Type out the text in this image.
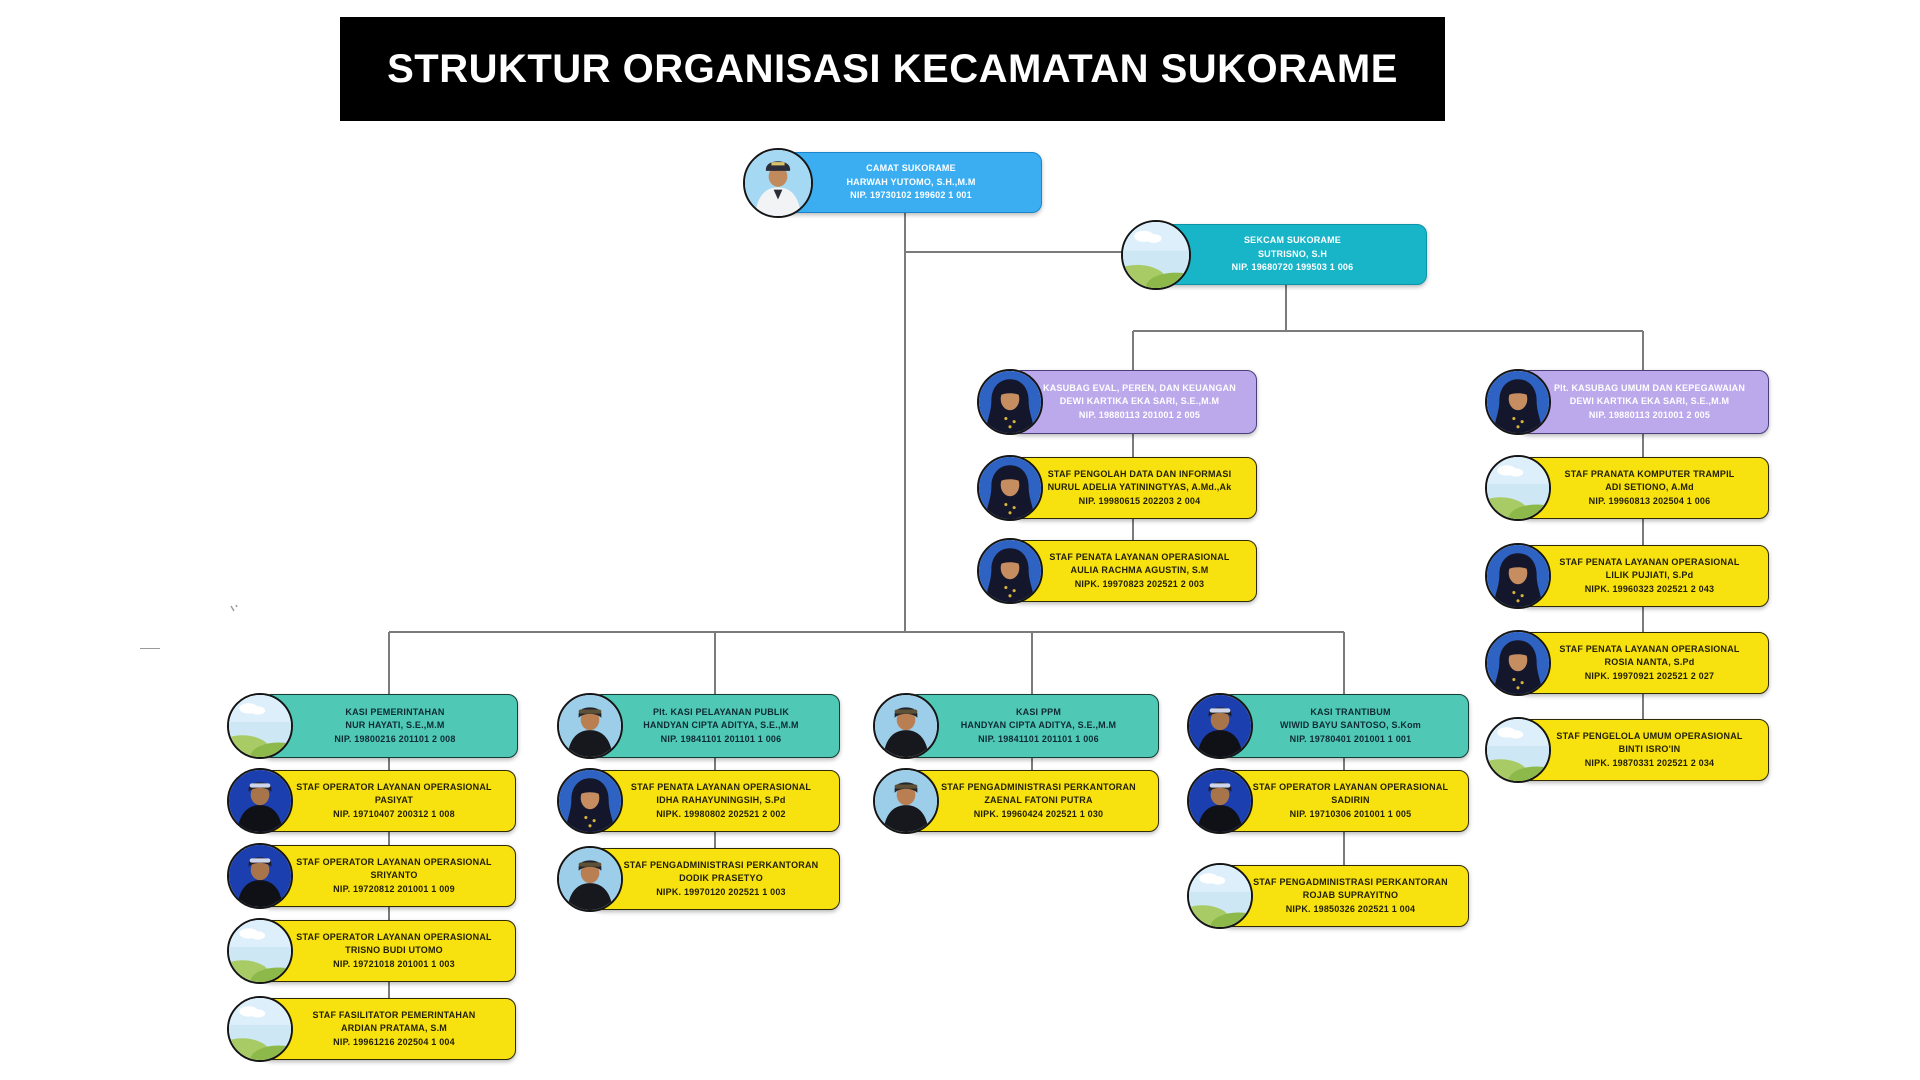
STRUKTUR ORGANISASI KECAMATAN SUKORAME
CAMAT SUKORAME
HARWAH YUTOMO, S.H.,M.M
NIP. 19730102 199602 1 001
SEKCAM SUKORAME
SUTRISNO, S.H
NIP. 19680720 199503 1 006
KASUBAG EVAL, PEREN, DAN KEUANGAN
DEWI KARTIKA EKA SARI, S.E.,M.M
NIP. 19880113 201001 2 005
Plt. KASUBAG UMUM DAN KEPEGAWAIAN
DEWI KARTIKA EKA SARI, S.E.,M.M
NIP. 19880113 201001 2 005
STAF PENGOLAH DATA DAN INFORMASI
NURUL ADELIA YATININGTYAS, A.Md.,Ak
NIP. 19980615 202203 2 004
STAF PENATA LAYANAN OPERASIONAL
AULIA RACHMA AGUSTIN, S.M
NIPK. 19970823 202521 2 003
STAF PRANATA KOMPUTER TRAMPIL
ADI SETIONO, A.Md
NIP. 19960813 202504 1 006
STAF PENATA LAYANAN OPERASIONAL
LILIK PUJIATI, S.Pd
NIPK. 19960323 202521 2 043
STAF PENATA LAYANAN OPERASIONAL
ROSIA NANTA, S.Pd
NIPK. 19970921 202521 2 027
STAF PENGELOLA UMUM OPERASIONAL
BINTI ISRO'IN
NIPK. 19870331 202521 2 034
KASI PEMERINTAHAN
NUR HAYATI, S.E.,M.M
NIP. 19800216 201101 2 008
Plt. KASI PELAYANAN PUBLIK
HANDYAN CIPTA ADITYA, S.E.,M.M
NIP. 19841101 201101 1 006
KASI PPM
HANDYAN CIPTA ADITYA, S.E.,M.M
NIP. 19841101 201101 1 006
KASI TRANTIBUM
WIWID BAYU SANTOSO, S.Kom
NIP. 19780401 201001 1 001
STAF OPERATOR LAYANAN OPERASIONAL
PASIYAT
NIP. 19710407 200312 1 008
STAF OPERATOR LAYANAN OPERASIONAL
SRIYANTO
NIP. 19720812 201001 1 009
STAF OPERATOR LAYANAN OPERASIONAL
TRISNO BUDI UTOMO
NIP. 19721018 201001 1 003
STAF FASILITATOR PEMERINTAHAN
ARDIAN PRATAMA, S.M
NIP. 19961216 202504 1 004
STAF PENATA LAYANAN OPERASIONAL
IDHA RAHAYUNINGSIH, S.Pd
NIPK. 19980802 202521 2 002
STAF PENGADMINISTRASI PERKANTORAN
DODIK PRASETYO
NIPK. 19970120 202521 1 003
STAF PENGADMINISTRASI PERKANTORAN
ZAENAL FATONI PUTRA
NIPK. 19960424 202521 1 030
STAF OPERATOR LAYANAN OPERASIONAL
SADIRIN
NIP. 19710306 201001 1 005
STAF PENGADMINISTRASI PERKANTORAN
ROJAB SUPRAYITNO
NIPK. 19850326 202521 1 004
